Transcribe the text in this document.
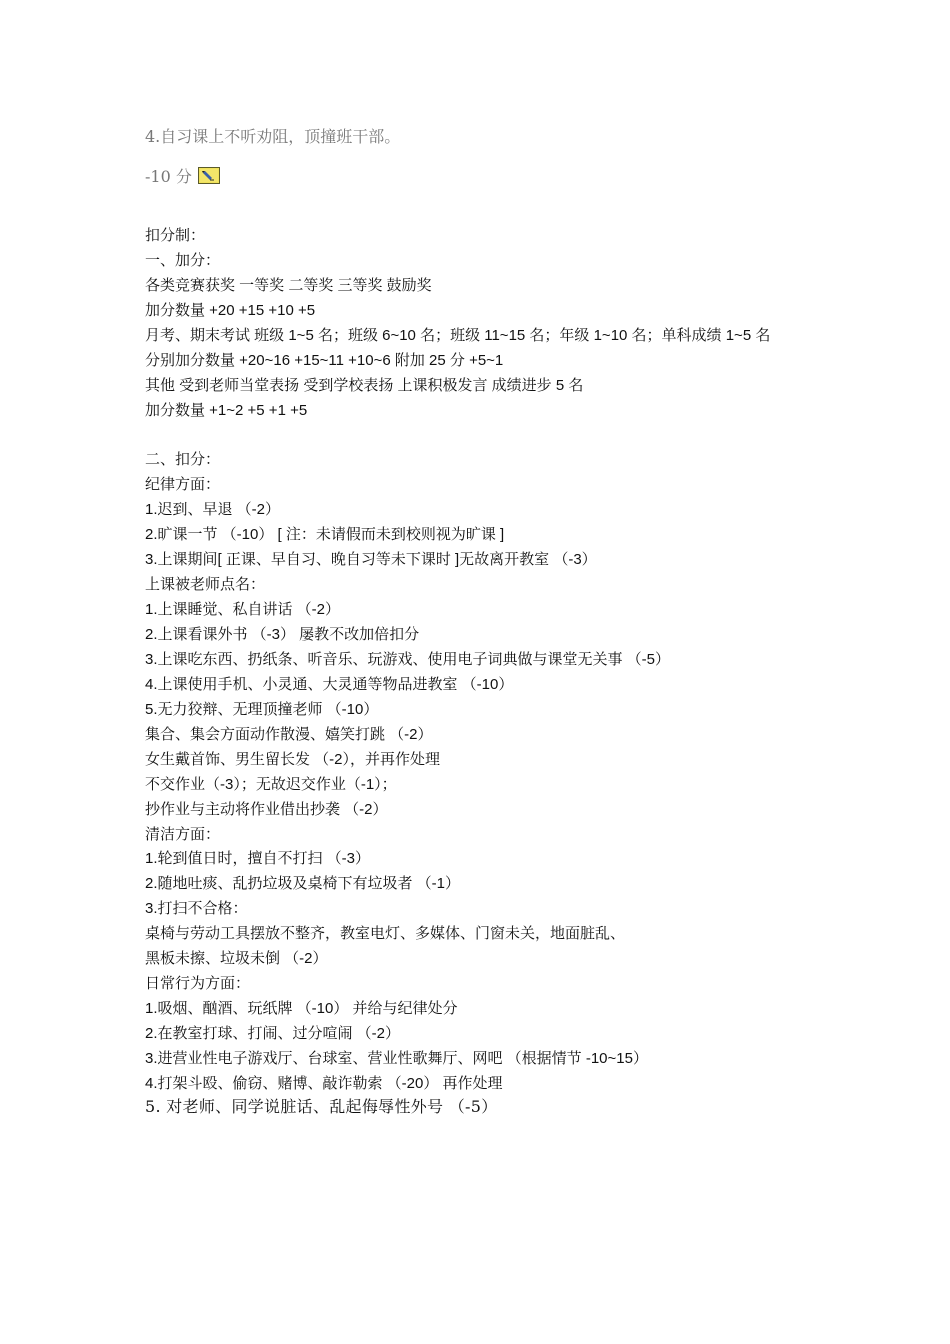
4.自习课上不听劝阻，顶撞班干部。
-10 分
扣分制：
一、加分：
各类竞赛获奖 一等奖 二等奖 三等奖 鼓励奖
加分数量 +20 +15 +10 +5
月考、期末考试 班级 1~5 名；班级 6~10 名；班级 11~15 名；年级 1~10 名；单科成绩 1~5 名
分别加分数量 +20~16 +15~11 +10~6 附加 25 分 +5~1
其他 受到老师当堂表扬 受到学校表扬 上课积极发言 成绩进步 5 名
加分数量 +1~2 +5 +1 +5
二、扣分：
纪律方面：
1.迟到、早退 （-2）
2.旷课一节 （-10） [ 注：未请假而未到校则视为旷课 ]
3.上课期间[ 正课、早自习、晚自习等未下课时 ]无故离开教室 （-3）
上课被老师点名：
1.上课睡觉、私自讲话 （-2）
2.上课看课外书 （-3） 屡教不改加倍扣分
3.上课吃东西、扔纸条、听音乐、玩游戏、使用电子词典做与课堂无关事 （-5）
4.上课使用手机、小灵通、大灵通等物品进教室 （-10）
5.无力狡辩、无理顶撞老师 （-10）
集合、集会方面动作散漫、嬉笑打跳 （-2）
女生戴首饰、男生留长发 （-2），并再作处理
不交作业（-3）；无故迟交作业（-1）；
抄作业与主动将作业借出抄袭 （-2）
清洁方面：
1.轮到值日时，擅自不打扫 （-3）
2.随地吐痰、乱扔垃圾及桌椅下有垃圾者 （-1）
3.打扫不合格：
桌椅与劳动工具摆放不整齐，教室电灯、多媒体、门窗未关，地面脏乱、
黑板未擦、垃圾未倒 （-2）
日常行为方面：
1.吸烟、酗酒、玩纸牌 （-10） 并给与纪律处分
2.在教室打球、打闹、过分喧闹 （-2）
3.进营业性电子游戏厅、台球室、营业性歌舞厅、网吧 （根据情节 -10~15）
4.打架斗殴、偷窃、赌博、敲诈勒索 （-20） 再作处理
5. 对老师、同学说脏话、乱起侮辱性外号 （-5）
